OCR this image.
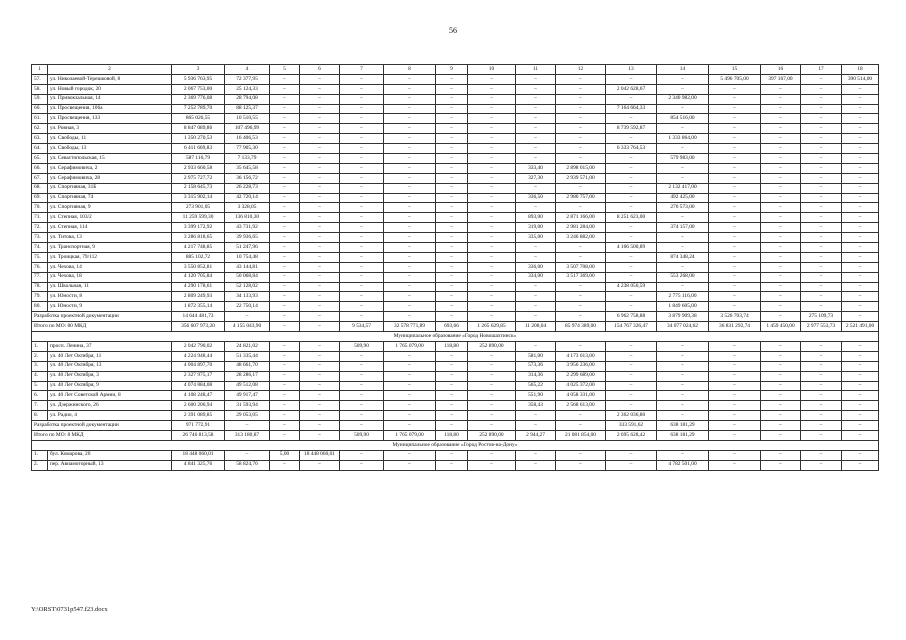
56
1	2	3	4	5	6	7	8	9	10	11	12	13	14	15	16	17	18
57.	ул. Николаевой-Терешковой, 8	5 936 763,95	72 377,95	–	–	–	–	–	–	–	–	–	–	5 496 705,00	397 167,00	–	390 514,00
58.	ул. Новый городок, 20	2 067 753,00	25 124,33	–	–	–	–	–	–	–	–	2 042 628,67	–	–	–	–	–
59.	ул. Привокзальная, 14	2 369 776,08	28 794,08	–	–	–	–	–	–	–	–	–	2 340 982,00	–	–	–	–
60.	ул. Просвещения, 106а	7 252 789,70	88 125,37	–	–	–	–	–	–	–	–	7 164 664,33	–	–	–	–	–
61.	ул. Просвещения, 133	865 026,55	10 510,55	–	–	–	–	–	–	–	–	–	854 516,00	–	–	–	–
62.	ул. Ровная, 3	8 847 089,86	107 496,99	–	–	–	–	–	–	–	–	8 739 592,87	–	–	–	–	–
63.	ул. Свободы, 11	1 350 270,53	16 406,53	–	–	–	–	–	–	–	–	–	1 333 864,00	–	–	–	–
64.	ул. Свободы, 13	6 411 669,83	77 905,30	–	–	–	–	–	–	–	–	6 333 764,53	–	–	–	–	–
65.	ул. Севастопольская, 15	587 116,79	7 133,79	–	–	–	–	–	–	–	–	–	579 983,00	–	–	–	–
66.	ул. Серафимовича, 2	2 933 660,58	35 645,58	–	–	–	–	–	–	333,40	2 898 015,00	–	–	–	–	–	–
67.	ул. Серафимовича, 28	2 975 727,72	36 156,72	–	–	–	–	–	–	327,30	2 939 571,00	–	–	–	–	–	–
68.	ул. Спортивная, 31Б	2 158 645,73	26 228,73	–	–	–	–	–	–	–	–	–	2 132 417,00	–	–	–	–
69.	ул. Спортивная, 74	3 315 902,14	42 720,14	–	–	–	–	–	–	336,50	2 980 757,00	–	492 425,00	–	–	–	–
70.	ул. Спортивная, 9	273 901,05	3 328,05	–	–	–	–	–	–	–	–	–	270 573,00	–	–	–	–
71.	ул. Степная, 103/2	11 259 599,30	136 810,30	–	–	–	–	–	–	893,00	2 871 166,00	8 251 623,00	–	–	–	–	–
72.	ул. Степная, 114	3 399 172,92	43 731,92	–	–	–	–	–	–	319,00	2 981 284,00	–	374 157,00	–	–	–	–
73.	ул. Титова, 13	3 286 818,65	39 936,65	–	–	–	–	–	–	335,00	3 246 882,00	–	–	–	–	–	–
74.	ул. Транспортная, 9	4 217 748,85	51 247,96	–	–	–	–	–	–	–	–	4 166 500,89	–	–	–	–	–
75.	ул. Троицкая, 79/112	885 102,72	10 754,48	–	–	–	–	–	–	–	–	–	874 348,24	–	–	–	–
76.	ул. Чехова, 14	3 550 852,81	43 144,81	–	–	–	–	–	–	336,00	3 507 708,00	–	–	–	–	–	–
77.	ул. Чехова, 18	4 120 705,84	50 068,84	–	–	–	–	–	–	334,00	3 517 369,00	–	553 268,00	–	–	–	–
78.	ул. Школьная, 11	4 290 178,61	52 128,02	–	–	–	–	–	–	–	–	4 238 050,59	–	–	–	–	–
79.	ул. Юности, 8	2 809 249,93	34 133,93	–	–	–	–	–	–	–	–	–	2 775 116,00	–	–	–	–
80.	ул. Юности, 9	1 872 355,14	22 750,14	–	–	–	–	–	–	–	–	–	1 849 605,00	–	–	–	–
Разработка проектной документации		14 644 481,73	–	–	–	–	–	–	–	–	–	6 962 758,88	3 879 909,38	3 526 703,74	–	275 109,73	–
Итого по МО: 80 МКД		356 607 973,20	4 155 043,90	–	–	9 534,57	32 578 771,89	693,66	1 265 629,85	11 208,04	85 974 389,00	154 767 326,47	34 077 024,62	36 831 292,74	1 459 450,00	2 977 553,73	2 521 491,00
Муниципальное образование «Город Новошахтинск»																	
1.	просп. Ленина, 37	2 042 790,02	24 821,02	–	–	509,90	1 765 079,00	118,80	252 890,00	–	–	–	–	–	–	–	–
2.	ул. 40 Лет Октября, 11	4 224 948,44	51 335,44	–	–	–	–	–	–	581,00	4 173 613,00	–	–	–	–	–	–
3.	ул. 40 Лет Октября, 13	4 004 897,70	48 661,70	–	–	–	–	–	–	573,36	3 956 236,00	–	–	–	–	–	–
4.	ул. 40 Лет Октября, 3	2 327 975,17	28 286,17	–	–	–	–	–	–	314,36	2 299 689,00	–	–	–	–	–	–
5.	ул. 40 Лет Октября, 9	4 074 884,08	49 512,08	–	–	–	–	–	–	565,22	4 025 372,00	–	–	–	–	–	–
6.	ул. 40 Лет Советской Армии, 8	4 108 248,47	49 917,47	–	–	–	–	–	–	551,90	4 058 331,00	–	–	–	–	–	–
7.	ул. Дзержинского, 26	2 600 206,94	31 593,94	–	–	–	–	–	–	358,43	2 568 613,00	–	–	–	–	–	–
8.	ул. Радио, 4	2 391 089,85	29 053,05	–	–	–	–	–	–	–	–	2 362 036,80	–	–	–	–	–
Разработка проектной документации		971 772,91	–	–	–	–	–	–	–	–	–	333 591,62	638 181,29	–	–	–	–
Итого по МО: 8 МКД		26 746 813,58	313 180,87	–	–	509,90	1 765 079,00	118,80	252 890,00	2 944,27	21 081 854,00	2 695 628,42	638 181,29	–	–	–	–
Муниципальное образование «Город Ростов-на-Дону»																	
1.	бул. Комарова, 20	18 448 060,01	–	5,00	18 448 060,01	–	–	–	–	–	–	–	–	–	–	–	–
2.	пер. Авиамоторный, 13	4 841 325,76	58 824,76	–	–	–	–	–	–	–	–	–	4 782 501,00	–	–	–	–
Y:\ORST\0731p547.f23.docx
